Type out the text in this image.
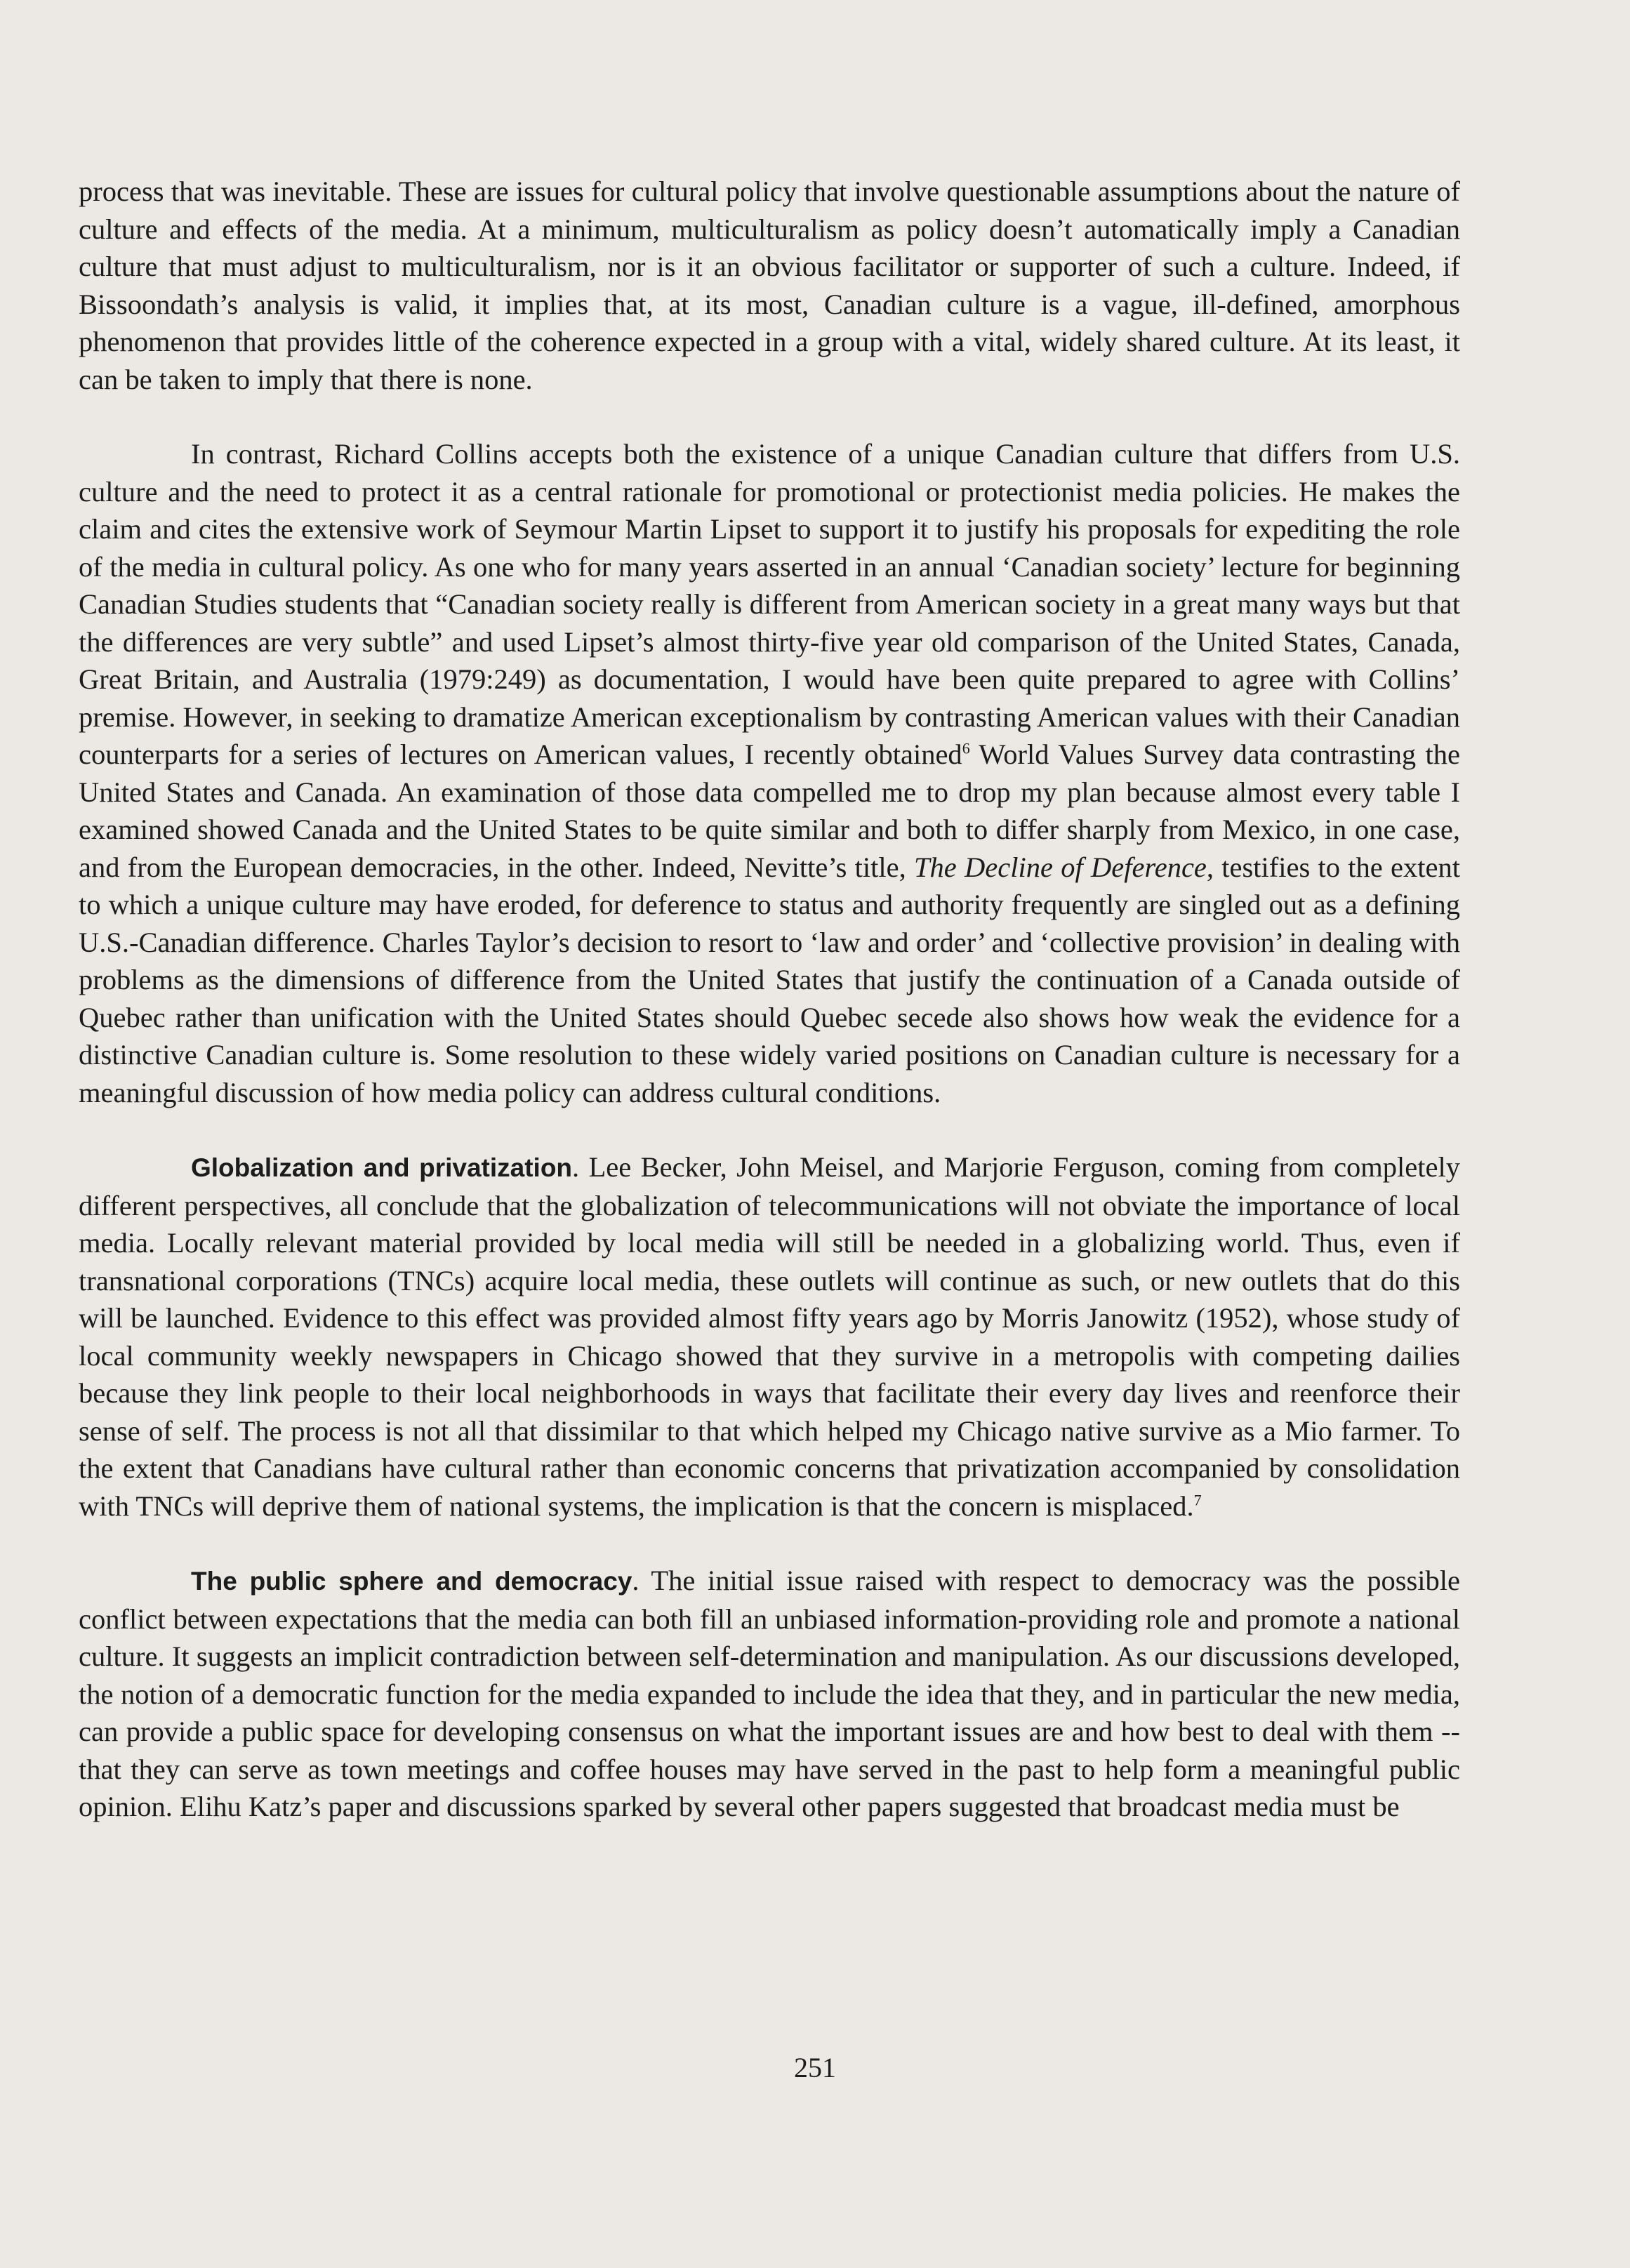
process that was inevitable. These are issues for cultural policy that involve questionable assumptions about the nature of culture and effects of the media. At a minimum, multiculturalism as policy doesn’t automatically imply a Canadian culture that must adjust to multiculturalism, nor is it an obvious facilitator or supporter of such a culture. Indeed, if Bissoondath’s analysis is valid, it implies that, at its most, Canadian culture is a vague, ill-defined, amorphous phenomenon that provides little of the coherence expected in a group with a vital, widely shared culture. At its least, it can be taken to imply that there is none.

In contrast, Richard Collins accepts both the existence of a unique Canadian culture that differs from U.S. culture and the need to protect it as a central rationale for promotional or protectionist media policies. He makes the claim and cites the extensive work of Seymour Martin Lipset to support it to justify his proposals for expediting the role of the media in cultural policy. As one who for many years asserted in an annual ‘Canadian society’ lecture for beginning Canadian Studies students that “Canadian society really is different from American society in a great many ways but that the differences are very subtle” and used Lipset’s almost thirty-five year old comparison of the United States, Canada, Great Britain, and Australia (1979:249) as documentation, I would have been quite prepared to agree with Collins’ premise. However, in seeking to dramatize American exceptionalism by contrasting American values with their Canadian counterparts for a series of lectures on American values, I recently obtained$^6$ World Values Survey data contrasting the United States and Canada. An examination of those data compelled me to drop my plan because almost every table I examined showed Canada and the United States to be quite similar and both to differ sharply from Mexico, in one case, and from the European democracies, in the other. Indeed, Nevitte’s title, The Decline of Deference, testifies to the extent to which a unique culture may have eroded, for deference to status and authority frequently are singled out as a defining U.S.-Canadian difference. Charles Taylor’s decision to resort to ‘law and order’ and ‘collective provision’ in dealing with problems as the dimensions of difference from the United States that justify the continuation of a Canada outside of Quebec rather than unification with the United States should Quebec secede also shows how weak the evidence for a distinctive Canadian culture is. Some resolution to these widely varied positions on Canadian culture is necessary for a meaningful discussion of how media policy can address cultural conditions.

Globalization and privatization. Lee Becker, John Meisel, and Marjorie Ferguson, coming from completely different perspectives, all conclude that the globalization of telecommunications will not obviate the importance of local media. Locally relevant material provided by local media will still be needed in a globalizing world. Thus, even if transnational corporations (TNCs) acquire local media, these outlets will continue as such, or new outlets that do this will be launched. Evidence to this effect was provided almost fifty years ago by Morris Janowitz (1952), whose study of local community weekly newspapers in Chicago showed that they survive in a metropolis with competing dailies because they link people to their local neighborhoods in ways that facilitate their every day lives and reenforce their sense of self. The process is not all that dissimilar to that which helped my Chicago native survive as a Mio farmer. To the extent that Canadians have cultural rather than economic concerns that privatization accompanied by consolidation with TNCs will deprive them of national systems, the implication is that the concern is misplaced.$^7$

The public sphere and democracy. The initial issue raised with respect to democracy was the possible conflict between expectations that the media can both fill an unbiased information-providing role and promote a national culture. It suggests an implicit contradiction between self-determination and manipulation. As our discussions developed, the notion of a democratic function for the media expanded to include the idea that they, and in particular the new media, can provide a public space for developing consensus on what the important issues are and how best to deal with them -- that they can serve as town meetings and coffee houses may have served in the past to help form a meaningful public opinion. Elihu Katz’s paper and discussions sparked by several other papers suggested that broadcast media must be

251
